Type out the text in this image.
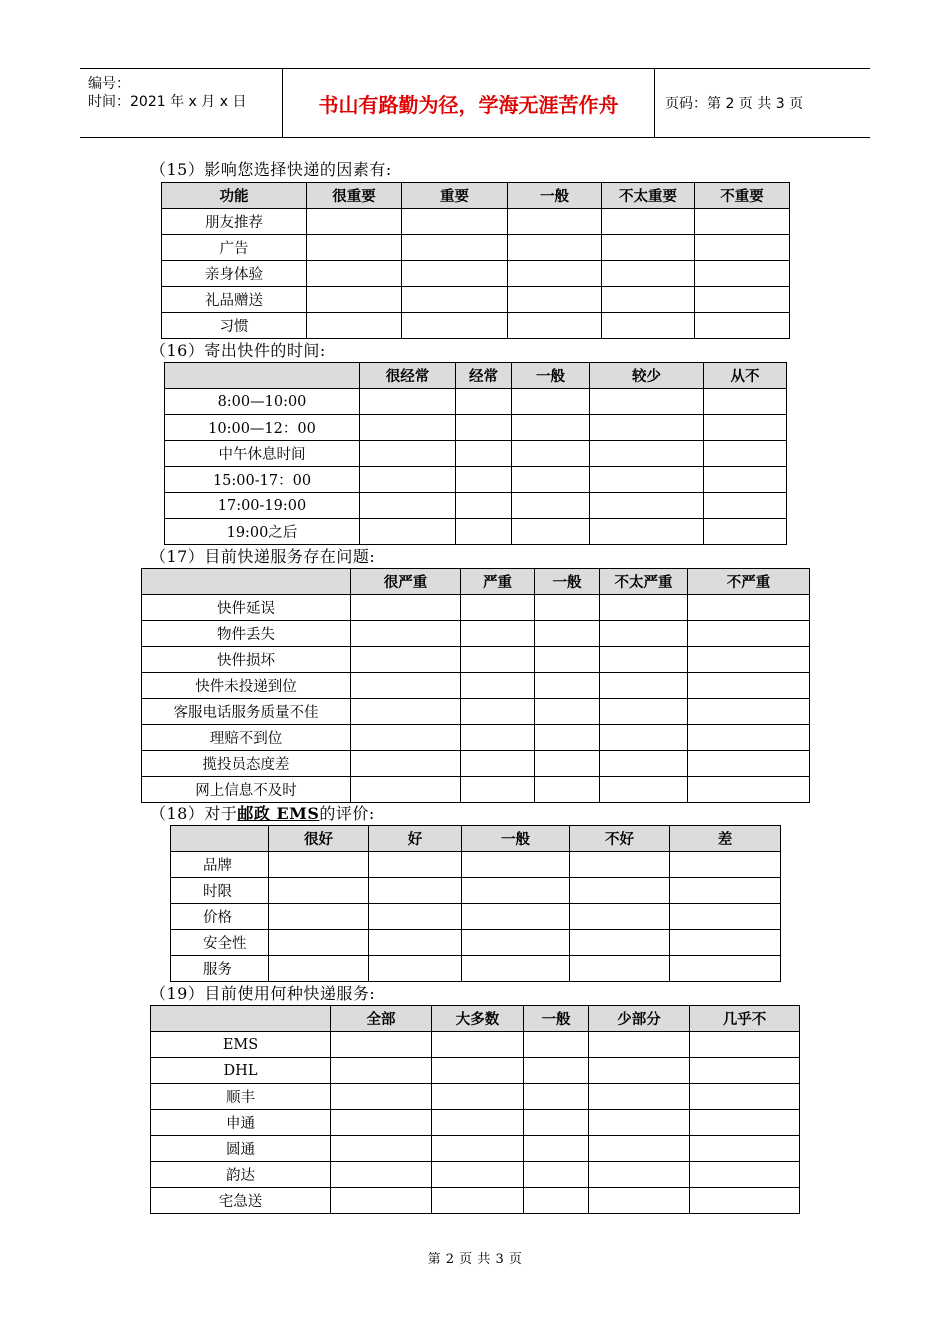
编号：
时间：2021 年 x 月 x 日	书山有路勤为径，学海无涯苦作舟	页码：第 2 页 共 3 页
（15）影响您选择快递的因素有:
功能	很重要	重要	一般	不太重要	不重要
朋友推荐					
广告					
亲身体验					
礼品赠送					
习惯					
（16）寄出快件的时间:
	很经常	经常	一般	较少	从不
8:00—10:00					
10:00—12：00					
中午休息时间					
15:00-17：00					
17:00-19:00					
19:00之后					
（17）目前快递服务存在问题:
	很严重	严重	一般	不太严重	不严重
快件延误					
物件丢失					
快件损坏					
快件未投递到位					
客服电话服务质量不佳					
理赔不到位					
揽投员态度差					
网上信息不及时					
（18）对于邮政 EMS的评价:
	很好	好	一般	不好	差
品牌					
时限					
价格					
安全性					
服务					
（19）目前使用何种快递服务:
	全部	大多数	一般	少部分	几乎不
EMS					
DHL					
顺丰					
申通					
圆通					
韵达					
宅急送					
第 2 页 共 3 页
